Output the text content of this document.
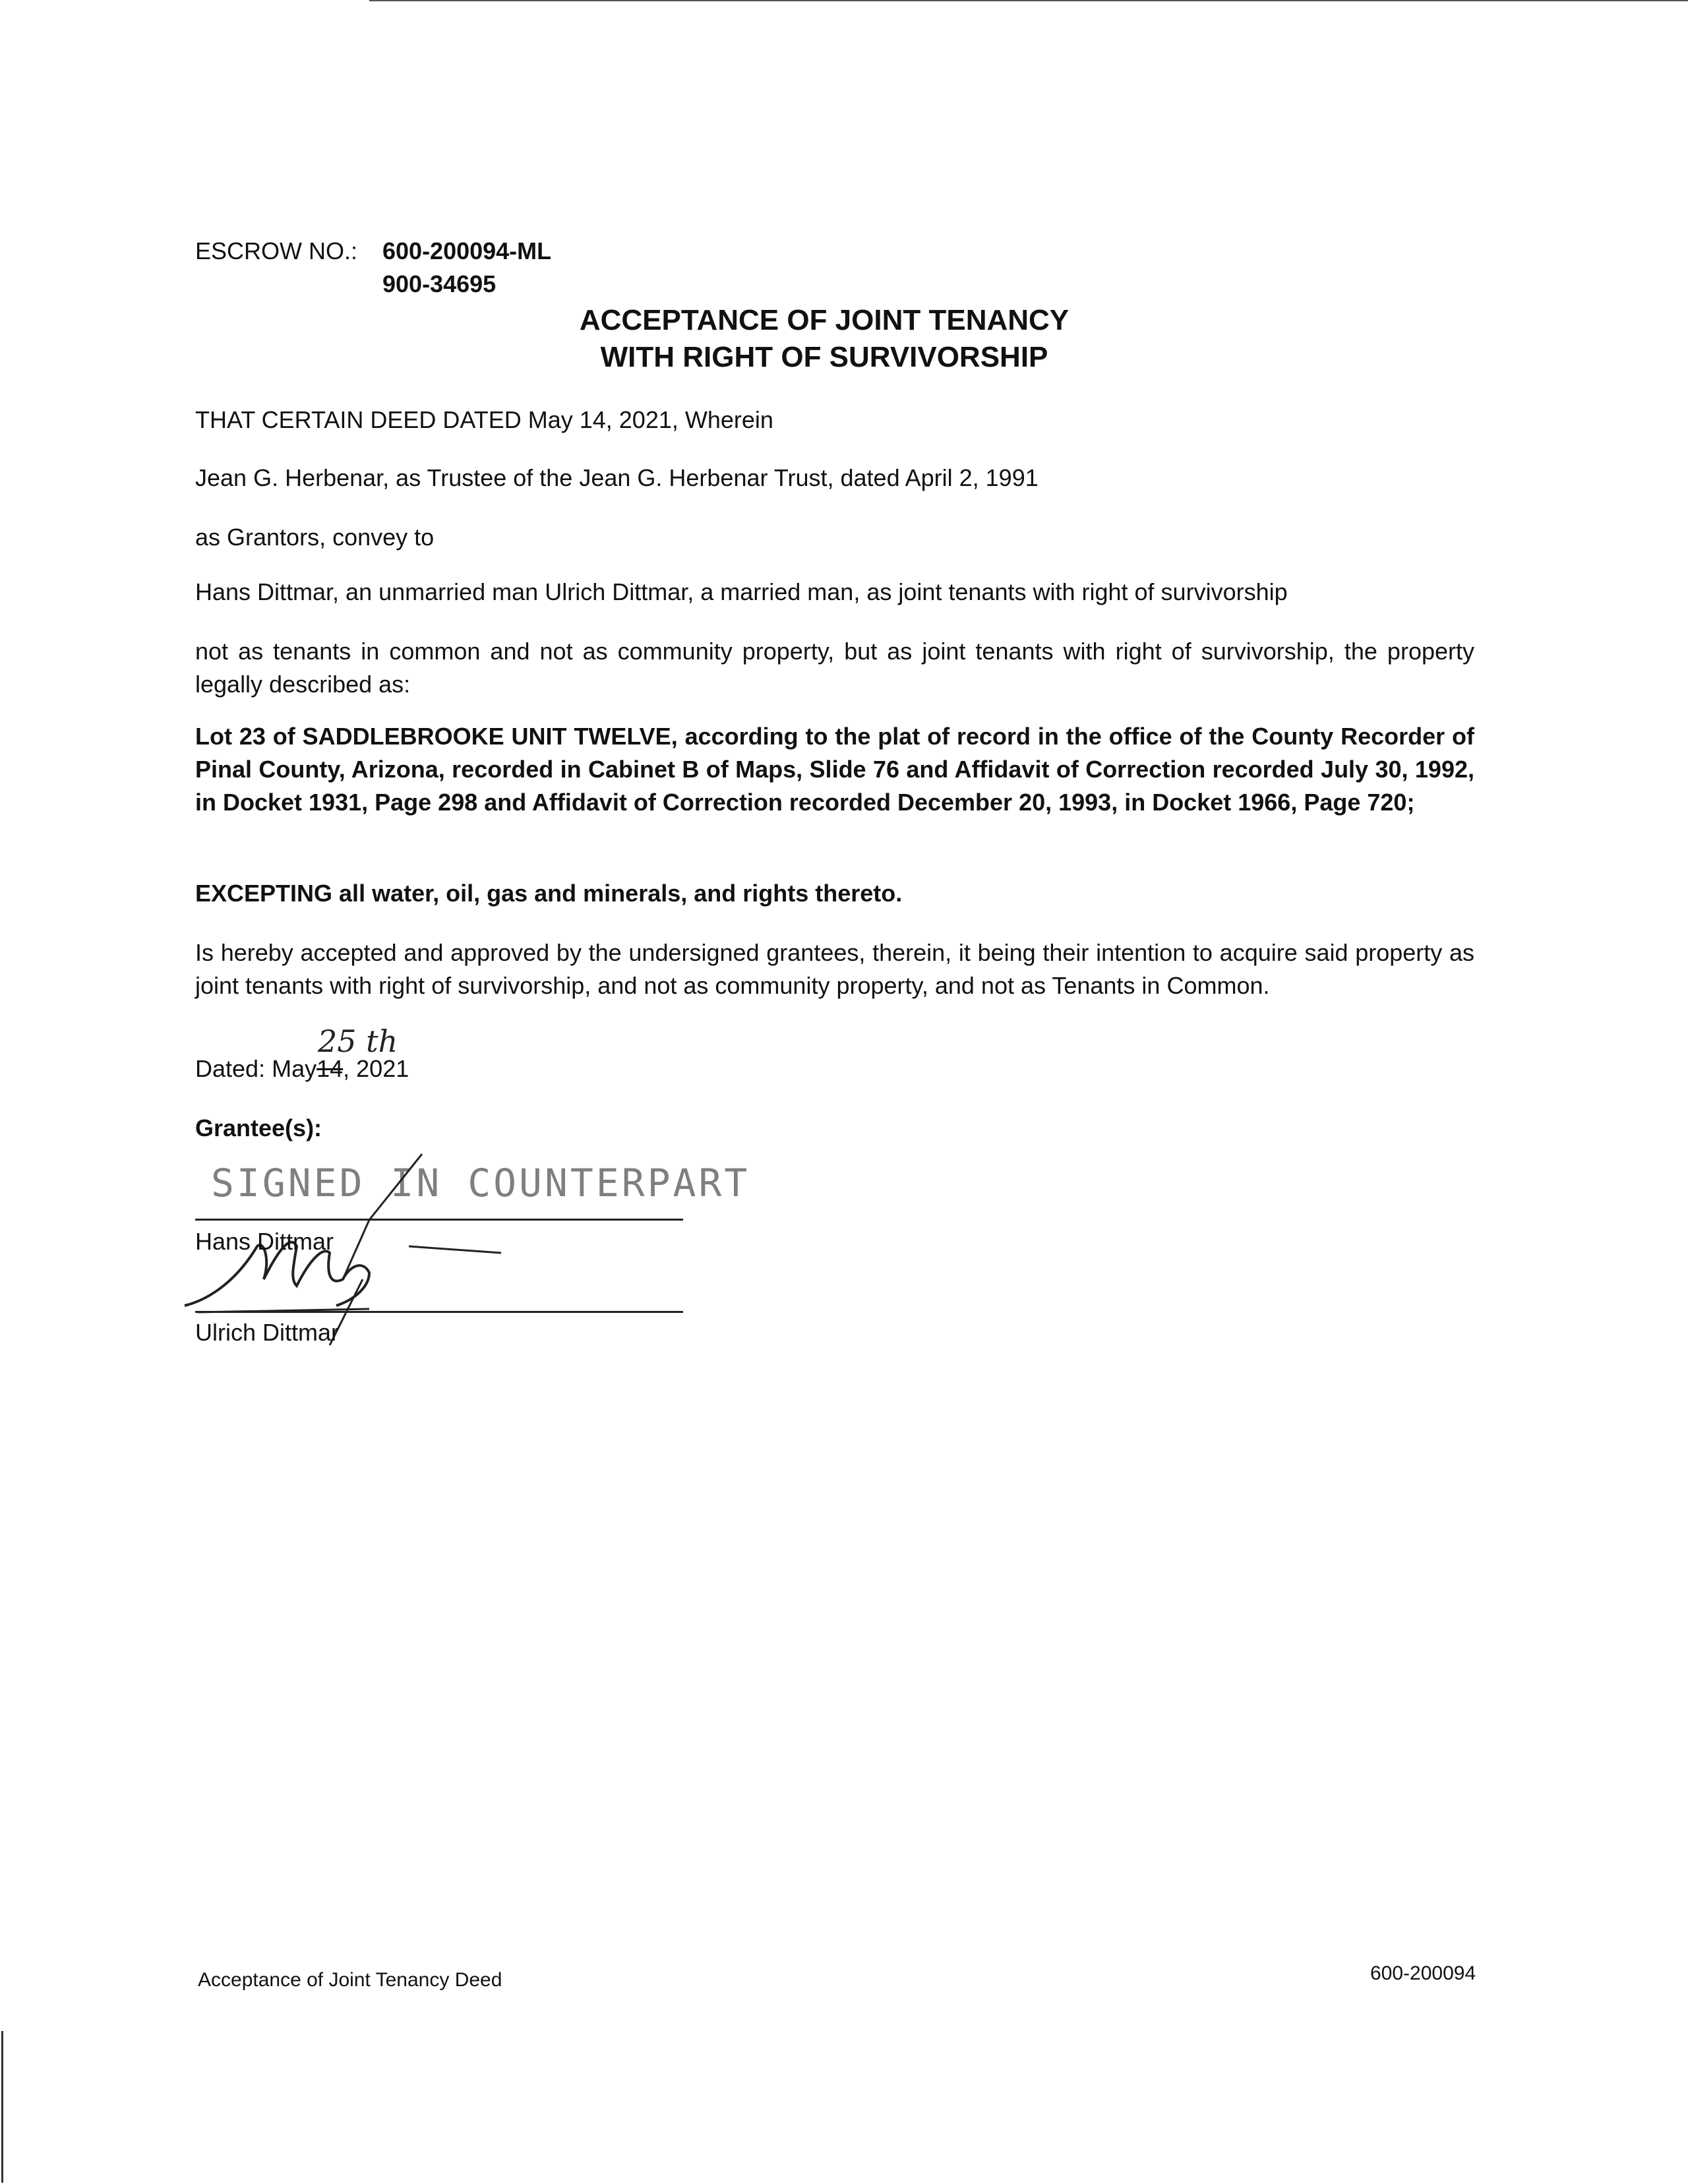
ESCROW NO.: 600-200094-ML
900-34695
ACCEPTANCE OF JOINT TENANCY
WITH RIGHT OF SURVIVORSHIP
THAT CERTAIN DEED DATED May 14, 2021, Wherein
Jean G. Herbenar, as Trustee of the Jean G. Herbenar Trust, dated April 2, 1991
as Grantors, convey to
Hans Dittmar, an unmarried man Ulrich Dittmar, a married man, as joint tenants with right of survivorship
not as tenants in common and not as community property, but as joint tenants with right of survivorship, the property legally described as:
Lot 23 of SADDLEBROOKE UNIT TWELVE, according to the plat of record in the office of the County Recorder of Pinal County, Arizona, recorded in Cabinet B of Maps, Slide 76 and Affidavit of Correction recorded July 30, 1992, in Docket 1931, Page 298 and Affidavit of Correction recorded December 20, 1993, in Docket 1966, Page 720;
EXCEPTING all water, oil, gas and minerals, and rights thereto.
Is hereby accepted and approved by the undersigned grantees, therein, it being their intention to acquire said property as joint tenants with right of survivorship, and not as community property, and not as Tenants in Common.
25 th
Dated: May14, 2021
Grantee(s):
SIGNED IN COUNTERPART
Hans Dittmar
Ulrich Dittmar
Acceptance of Joint Tenancy Deed	600-200094
